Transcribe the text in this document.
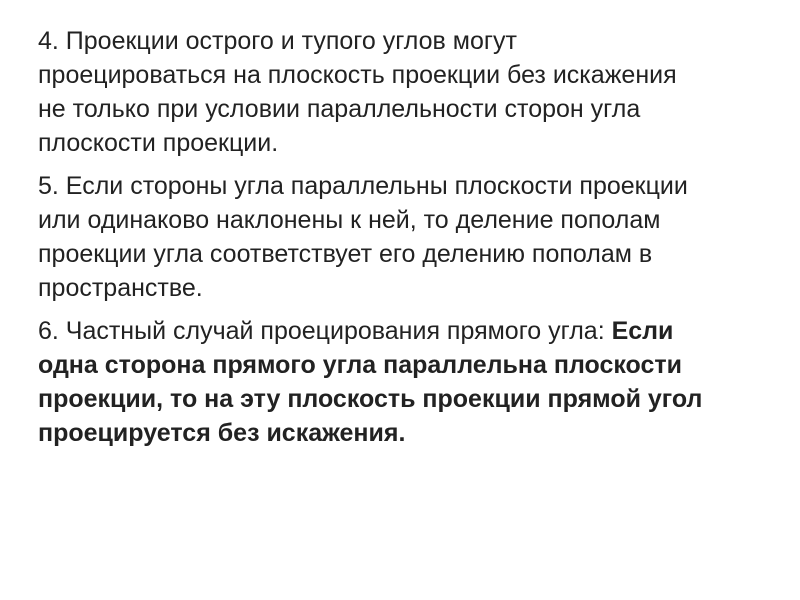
4. Проекции острого и тупого углов могут
проецироваться на плоскость проекции без искажения
не только при условии параллельности сторон угла
плоскости проекции.
5. Если стороны угла параллельны плоскости проекции
или одинаково наклонены к ней, то деление пополам
проекции угла соответствует его делению пополам в
пространстве.
6. Частный случай проецирования прямого угла: Если
одна сторона прямого угла параллельна плоскости
проекции, то на эту плоскость проекции прямой угол
проецируется без искажения.
